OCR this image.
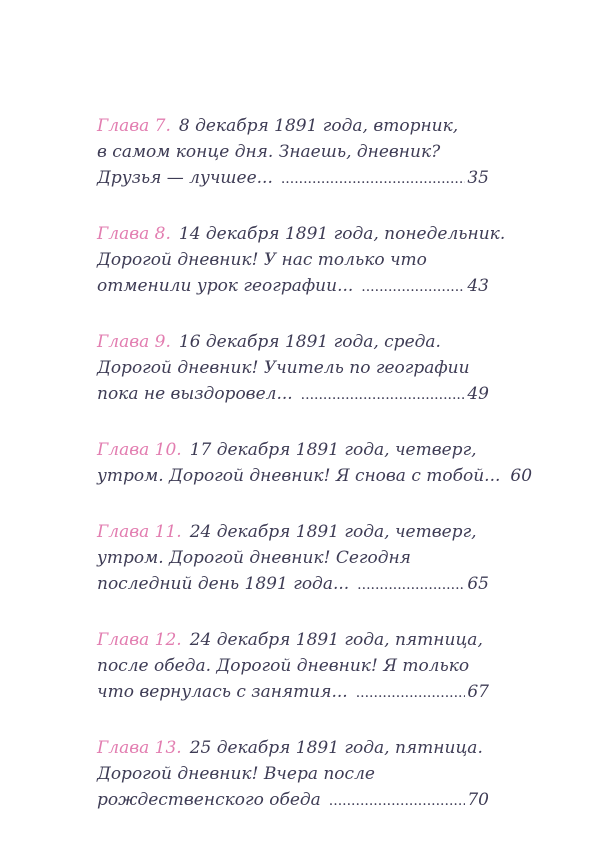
Глава 7. 8 декабря 1891 года, вторник,
в самом конце дня. Знаешь, дневник?
Друзья — лучшее... .....	35
Глава 8. 14 декабря 1891 года, понедельник.
Дорогой дневник! У нас только что
отменили урок географии... .....	43
Глава 9. 16 декабря 1891 года, среда.
Дорогой дневник! Учитель по географии
пока не выздоровел... .....	49
Глава 10. 17 декабря 1891 года, четверг,
утром. Дорогой дневник! Я снова с тобой... 60
Глава 11. 24 декабря 1891 года, четверг,
утром. Дорогой дневник! Сегодня
последний день 1891 года... .....	65
Глава 12. 24 декабря 1891 года, пятница,
после обеда. Дорогой дневник! Я только
что вернулась с занятия... .....	67
Глава 13. 25 декабря 1891 года, пятница.
Дорогой дневник! Вчера после
рождественского обеда .....	70
